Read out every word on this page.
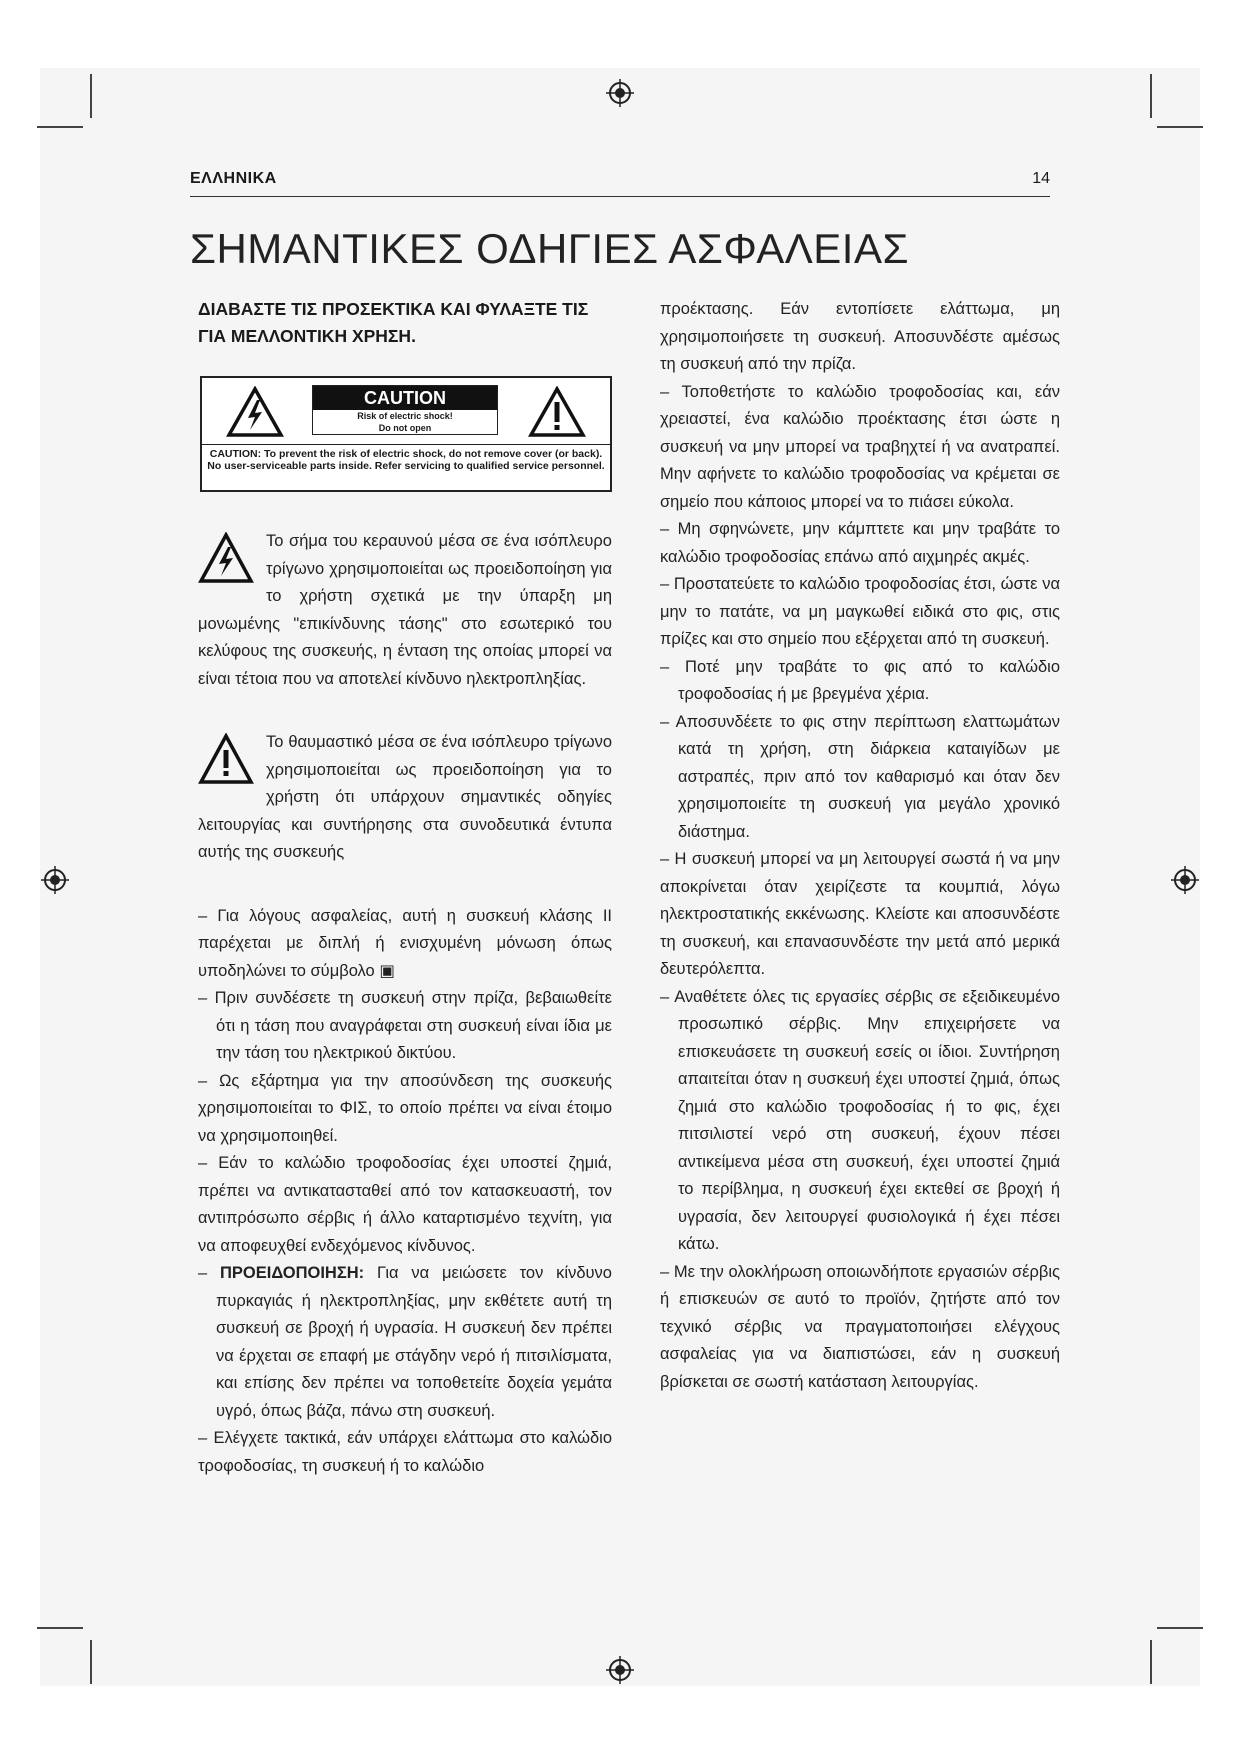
ΕΛΛΗΝΙΚΑ	14
ΣΗΜΑΝΤΙΚΕΣ ΟΔΗΓΙΕΣ ΑΣΦΑΛΕΙΑΣ

ΔΙΑΒΑΣΤΕ ΤΙΣ ΠΡΟΣΕΚΤΙΚΑ ΚΑΙ ΦΥΛΑΞΤΕ ΤΙΣ ΓΙΑ ΜΕΛΛΟΝΤΙΚΗ ΧΡΗΣΗ.

CAUTION
Risk of electric shock!
Do not open
CAUTION: To prevent the risk of electric shock, do not remove cover (or back). No user-serviceable parts inside. Refer servicing to qualified service personnel.

Το σήμα του κεραυνού μέσα σε ένα ισόπλευρο τρίγωνο χρησιμοποιείται ως προειδοποίηση για το χρήστη σχετικά με την ύπαρξη μη μονωμένης "επικίνδυνης τάσης" στο εσωτερικό του κελύφους της συσκευής, η ένταση της οποίας μπορεί να είναι τέτοια που να αποτελεί κίνδυνο ηλεκτροπληξίας.

Το θαυμαστικό μέσα σε ένα ισόπλευρο τρίγωνο χρησιμοποιείται ως προειδοποίηση για το χρήστη ότι υπάρχουν σημαντικές οδηγίες λειτουργίας και συντήρησης στα συνοδευτικά έντυπα αυτής της συσκευής

– Για λόγους ασφαλείας, αυτή η συσκευή κλάσης II παρέχεται με διπλή ή ενισχυμένη μόνωση όπως υποδηλώνει το σύμβολο ▣

– Πριν συνδέσετε τη συσκευή στην πρίζα, βεβαιωθείτε ότι η τάση που αναγράφεται στη συσκευή είναι ίδια με την τάση του ηλεκτρικού δικτύου.

– Ως εξάρτημα για την αποσύνδεση της συσκευής χρησιμοποιείται το ΦΙΣ, το οποίο πρέπει να είναι έτοιμο να χρησιμοποιηθεί.

– Εάν το καλώδιο τροφοδοσίας έχει υποστεί ζημιά, πρέπει να αντικατασταθεί από τον κατασκευαστή, τον αντιπρόσωπο σέρβις ή άλλο καταρτισμένο τεχνίτη, για να αποφευχθεί ενδεχόμενος κίνδυνος.

– ΠΡΟΕΙΔΟΠΟΙΗΣΗ: Για να μειώσετε τον κίνδυνο πυρκαγιάς ή ηλεκτροπληξίας, μην εκθέτετε αυτή τη συσκευή σε βροχή ή υγρασία. Η συσκευή δεν πρέπει να έρχεται σε επαφή με στάγδην νερό ή πιτσιλίσματα, και επίσης δεν πρέπει να τοποθετείτε δοχεία γεμάτα υγρό, όπως βάζα, πάνω στη συσκευή.

– Ελέγχετε τακτικά, εάν υπάρχει ελάττωμα στο καλώδιο τροφοδοσίας, τη συσκευή ή το καλώδιο

προέκτασης. Εάν εντοπίσετε ελάττωμα, μη χρησιμοποιήσετε τη συσκευή. Αποσυνδέστε αμέσως τη συσκευή από την πρίζα.

– Τοποθετήστε το καλώδιο τροφοδοσίας και, εάν χρειαστεί, ένα καλώδιο προέκτασης έτσι ώστε η συσκευή να μην μπορεί να τραβηχτεί ή να ανατραπεί. Μην αφήνετε το καλώδιο τροφοδοσίας να κρέμεται σε σημείο που κάποιος μπορεί να το πιάσει εύκολα.

– Μη σφηνώνετε, μην κάμπτετε και μην τραβάτε το καλώδιο τροφοδοσίας επάνω από αιχμηρές ακμές.

– Προστατεύετε το καλώδιο τροφοδοσίας έτσι, ώστε να μην το πατάτε, να μη μαγκωθεί ειδικά στο φις, στις πρίζες και στο σημείο που εξέρχεται από τη συσκευή.

– Ποτέ μην τραβάτε το φις από το καλώδιο τροφοδοσίας ή με βρεγμένα χέρια.

– Αποσυνδέετε το φις στην περίπτωση ελαττωμάτων κατά τη χρήση, στη διάρκεια καταιγίδων με αστραπές, πριν από τον καθαρισμό και όταν δεν χρησιμοποιείτε τη συσκευή για μεγάλο χρονικό διάστημα.

– Η συσκευή μπορεί να μη λειτουργεί σωστά ή να μην αποκρίνεται όταν χειρίζεστε τα κουμπιά, λόγω ηλεκτροστατικής εκκένωσης. Κλείστε και αποσυνδέστε τη συσκευή, και επανασυνδέστε την μετά από μερικά δευτερόλεπτα.

– Αναθέτετε όλες τις εργασίες σέρβις σε εξειδικευμένο προσωπικό σέρβις. Μην επιχειρήσετε να επισκευάσετε τη συσκευή εσείς οι ίδιοι. Συντήρηση απαιτείται όταν η συσκευή έχει υποστεί ζημιά, όπως ζημιά στο καλώδιο τροφοδοσίας ή το φις, έχει πιτσιλιστεί νερό στη συσκευή, έχουν πέσει αντικείμενα μέσα στη συσκευή, έχει υποστεί ζημιά το περίβλημα, η συσκευή έχει εκτεθεί σε βροχή ή υγρασία, δεν λειτουργεί φυσιολογικά ή έχει πέσει κάτω.

– Με την ολοκλήρωση οποιωνδήποτε εργασιών σέρβις ή επισκευών σε αυτό το προϊόν, ζητήστε από τον τεχνικό σέρβις να πραγματοποιήσει ελέγχους ασφαλείας για να διαπιστώσει, εάν η συσκευή βρίσκεται σε σωστή κατάσταση λειτουργίας.
